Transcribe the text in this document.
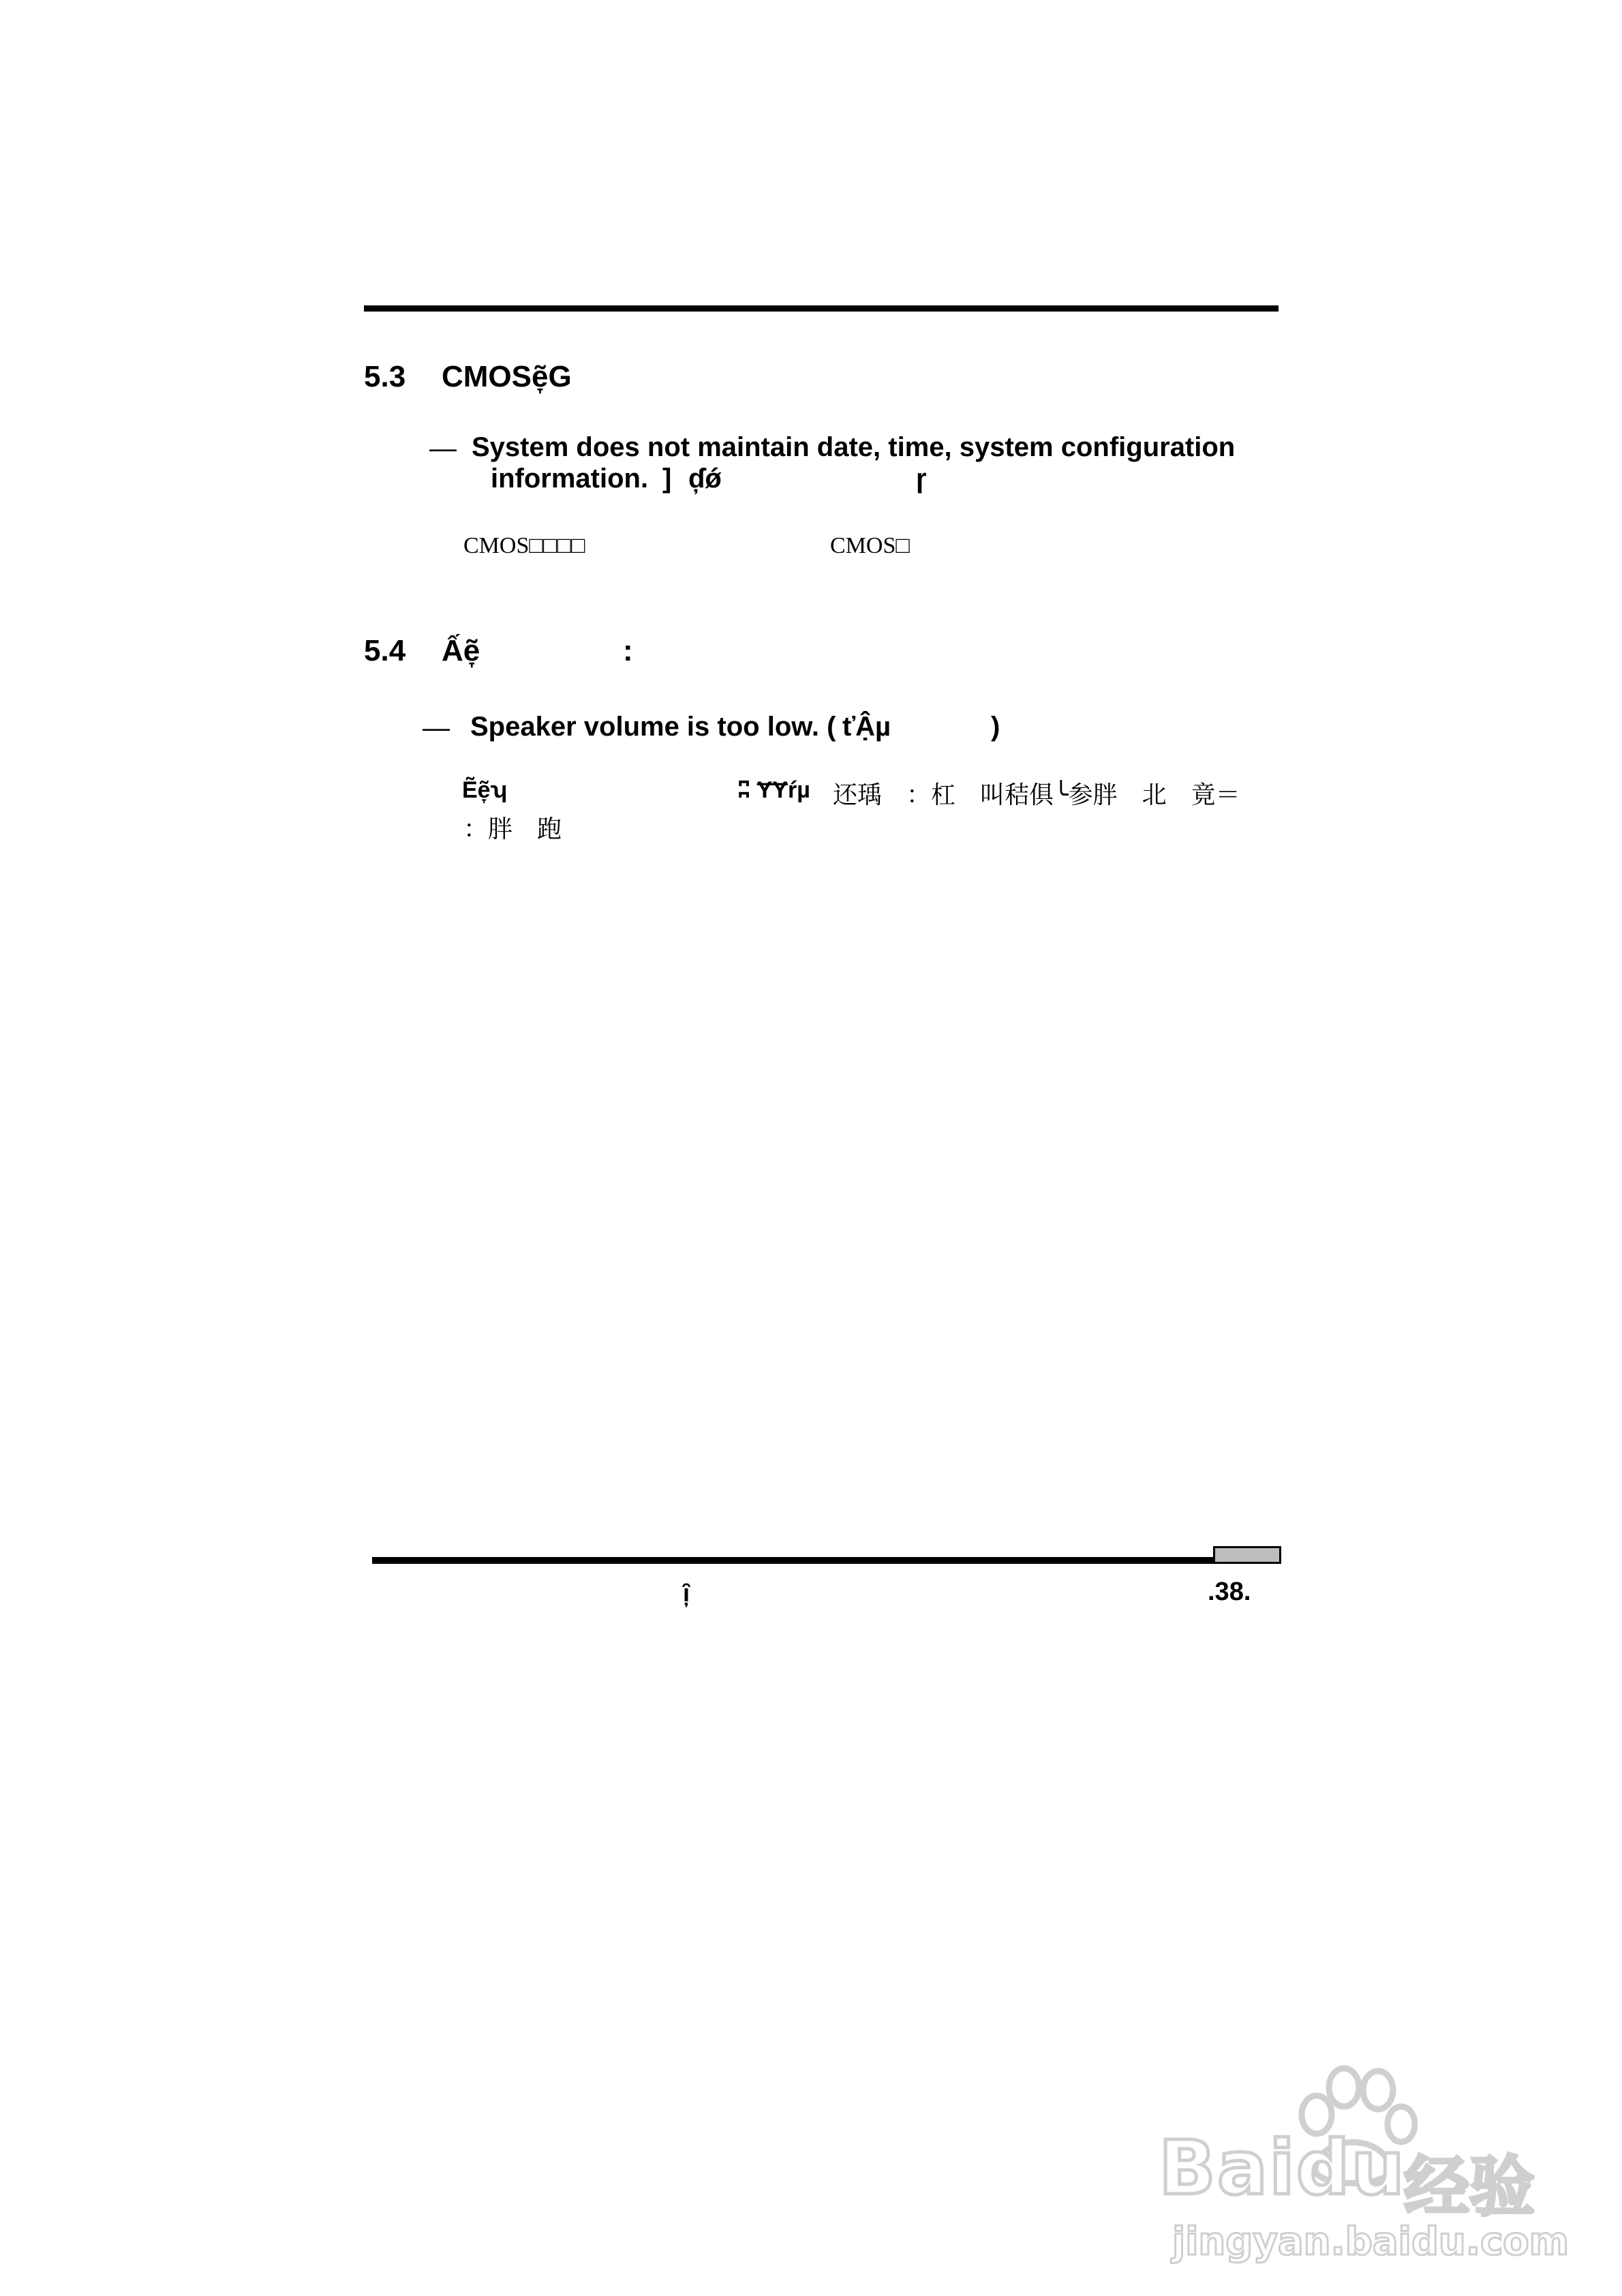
5.3 CMOSẽ̞G
— System does not maintain date, time, system configuration
information. ] ɗ̦ǿ	ɼ
CMOS□□□□	CMOS□
5.4 Ấẽ̞	:
— Speaker volume is too low. ( ťẬµ	)
Ẽẽ̞ʮ	ʭ ɎɎŕµ 还瑀　：杠　叫秸俱╰参胖　北　竟＝
：胖　跑
ȋ̦	.38.
Baidu
经验
jingyan.baidu.com
